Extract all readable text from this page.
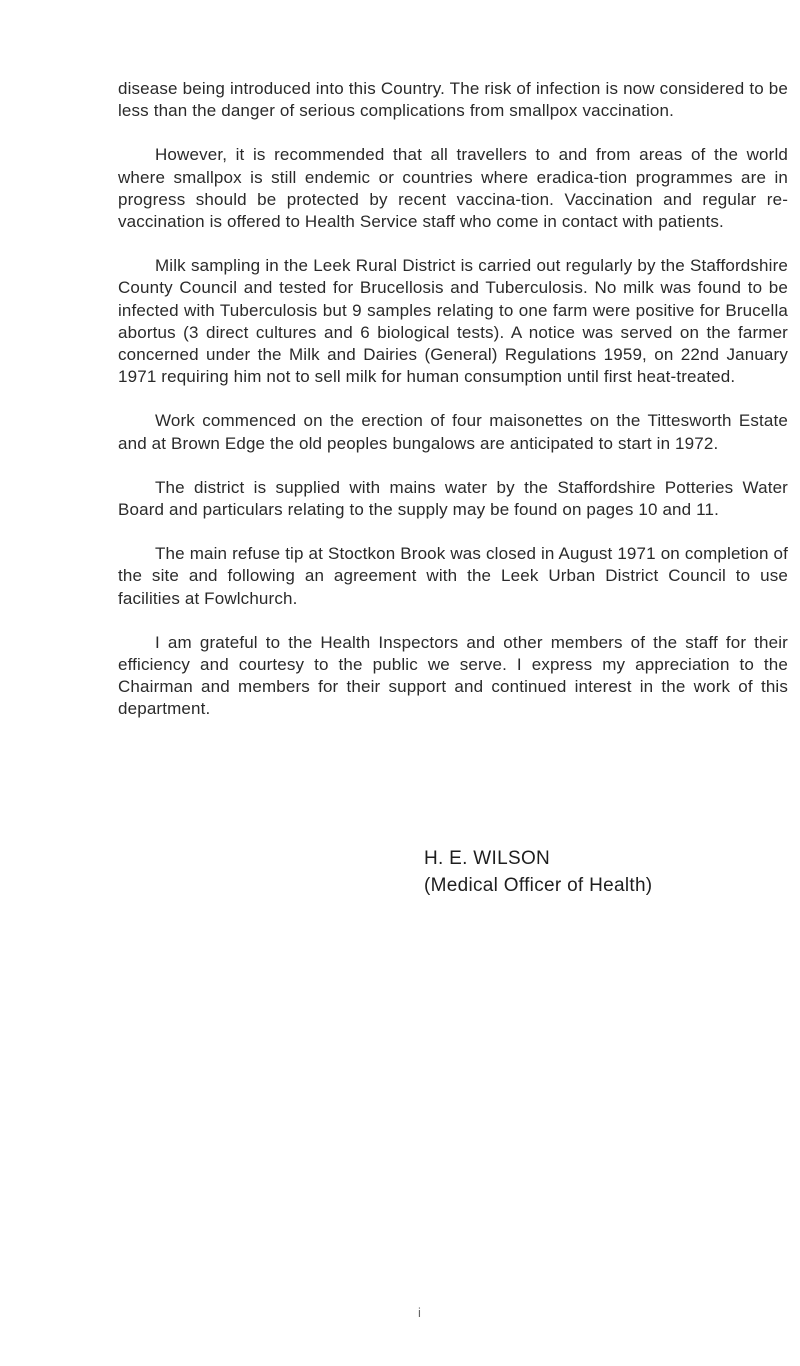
disease being introduced into this Country. The risk of infection is now considered to be less than the danger of serious complications from smallpox vaccination.

However, it is recommended that all travellers to and from areas of the world where smallpox is still endemic or countries where eradica-tion programmes are in progress should be protected by recent vaccina-tion. Vaccination and regular re-vaccination is offered to Health Service staff who come in contact with patients.

Milk sampling in the Leek Rural District is carried out regularly by the Staffordshire County Council and tested for Brucellosis and Tuberculosis. No milk was found to be infected with Tuberculosis but 9 samples relating to one farm were positive for Brucella abortus (3 direct cultures and 6 biological tests). A notice was served on the farmer concerned under the Milk and Dairies (General) Regulations 1959, on 22nd January 1971 requiring him not to sell milk for human consumption until first heat-treated.

Work commenced on the erection of four maisonettes on the Tittesworth Estate and at Brown Edge the old peoples bungalows are anticipated to start in 1972.

The district is supplied with mains water by the Staffordshire Potteries Water Board and particulars relating to the supply may be found on pages 10 and 11.

The main refuse tip at Stoctkon Brook was closed in August 1971 on completion of the site and following an agreement with the Leek Urban District Council to use facilities at Fowlchurch.

I am grateful to the Health Inspectors and other members of the staff for their efficiency and courtesy to the public we serve. I express my appreciation to the Chairman and members for their support and continued interest in the work of this department.

H. E. WILSON
(Medical Officer of Health)
i
